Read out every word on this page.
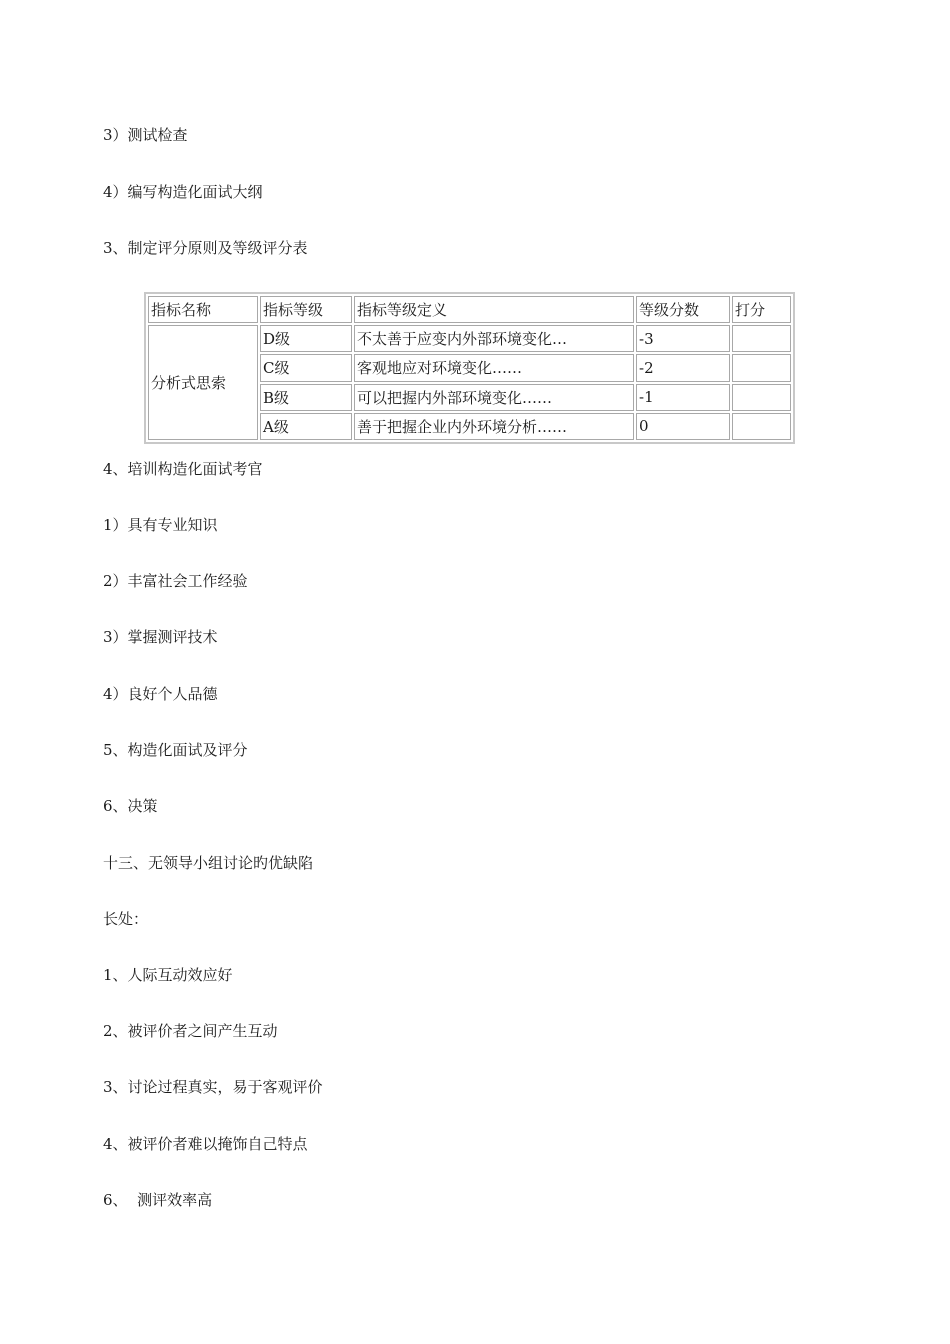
3）测试检查
4）编写构造化面试大纲
3、制定评分原则及等级评分表
指标名称	指标等级	指标等级定义	等级分数	打分
分析式思索	D级	不太善于应变内外部环境变化…	-3	
	C级	客观地应对环境变化……	-2	
	B级	可以把握内外部环境变化……	-1	
	A级	善于把握企业内外环境分析……	0	
4、培训构造化面试考官
1）具有专业知识
2）丰富社会工作经验
3）掌握测评技术
4）良好个人品德
5、构造化面试及评分
6、决策
十三、无领导小组讨论旳优缺陷
长处：
1、人际互动效应好
2、被评价者之间产生互动
3、讨论过程真实，易于客观评价
4、被评价者难以掩饰自己特点
6、  测评效率高
